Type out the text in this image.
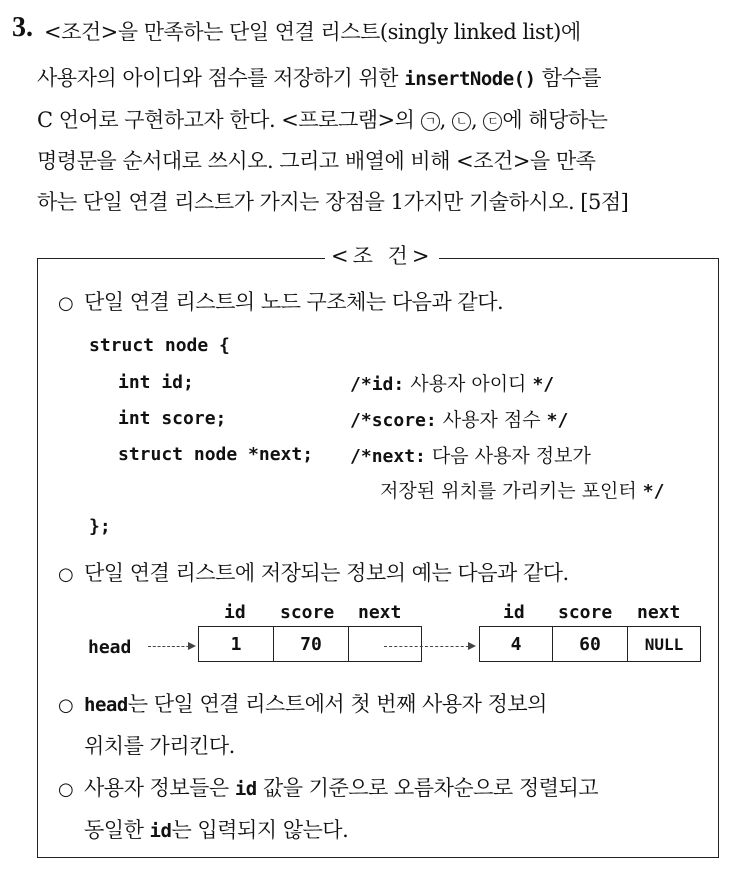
3. <조건>을 만족하는 단일 연결 리스트(singly linked list)에
사용자의 아이디와 점수를 저장하기 위한 insertNode() 함수를
C 언어로 구현하고자 한다. <프로그램>의 ㄱ , ㄴ , ㄷ 에 해당하는
명령문을 순서대로 쓰시오. 그리고 배열에 비해 <조건>을 만족
하는 단일 연결 리스트가 가지는 장점을 1가지만 기술하시오. [5점]
<조 건>
○ 단일 연결 리스트의 노드 구조체는 다음과 같다.
struct node {
int id;	/*id: 사용자 아이디 */
int score;	/*score: 사용자 점수 */
struct node *next; /*next: 다음 사용자 정보가
저장된 위치를 가리키는 포인터 */
};
○ 단일 연결 리스트에 저장되는 정보의 예는 다음과 같다.
id score next	id score next
head	1	70		4	60	NULL
○ head는 단일 연결 리스트에서 첫 번째 사용자 정보의
위치를 가리킨다.
○ 사용자 정보들은 id 값을 기준으로 오름차순으로 정렬되고
동일한 id는 입력되지 않는다.
